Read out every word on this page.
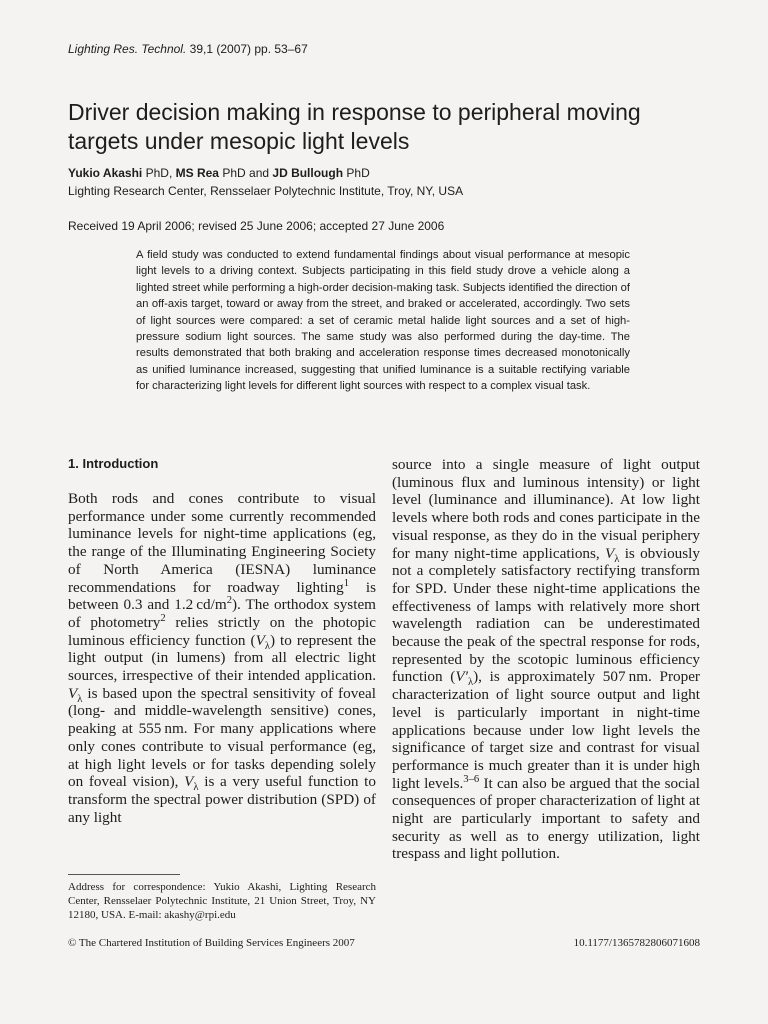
Lighting Res. Technol. 39,1 (2007) pp. 53–67
Driver decision making in response to peripheral moving targets under mesopic light levels
Yukio Akashi PhD, MS Rea PhD and JD Bullough PhD
Lighting Research Center, Rensselaer Polytechnic Institute, Troy, NY, USA
Received 19 April 2006; revised 25 June 2006; accepted 27 June 2006

A field study was conducted to extend fundamental findings about visual performance at mesopic light levels to a driving context. Subjects participating in this field study drove a vehicle along a lighted street while performing a high-order decision-making task. Subjects identified the direction of an off-axis target, toward or away from the street, and braked or accelerated, accordingly. Two sets of light sources were compared: a set of ceramic metal halide light sources and a set of high-pressure sodium light sources. The same study was also performed during the day-time. The results demonstrated that both braking and acceleration response times decreased monotonically as unified luminance increased, suggesting that unified luminance is a suitable rectifying variable for characterizing light levels for different light sources with respect to a complex visual task.

1. Introduction

Both rods and cones contribute to visual performance under some currently recommended luminance levels for night-time applications (eg, the range of the Illuminating Engineering Society of North America (IESNA) luminance recommendations for roadway lighting$^1$ is between 0.3 and 1.2 $cd/m^2$). The orthodox system of photometry$^2$ relies strictly on the photopic luminous efficiency function $(V_\lambda)$ to represent the light output (in lumens) from all electric light sources, irrespective of their intended application. $V_\lambda$ is based upon the spectral sensitivity of foveal (long- and middle-wavelength sensitive) cones, peaking at 555 nm. For many applications where only cones contribute to visual performance (eg, at high light levels or for tasks depending solely on foveal vision), $V_\lambda$ is a very useful function to transform the spectral power distribution (SPD) of any light

source into a single measure of light output (luminous flux and luminous intensity) or light level (luminance and illuminance). At low light levels where both rods and cones participate in the visual response, as they do in the visual periphery for many night-time applications, $V_\lambda$ is obviously not a completely satisfactory rectifying transform for SPD. Under these night-time applications the effectiveness of lamps with relatively more short wavelength radiation can be underestimated because the peak of the spectral response for rods, represented by the scotopic luminous efficiency function $(V'_\lambda)$, is approximately 507 nm. Proper characterization of light source output and light level is particularly important in night-time applications because under low light levels the significance of target size and contrast for visual performance is much greater than it is under high light levels.$^{3-6}$ It can also be argued that the social consequences of proper characterization of light at night are particularly important to safety and security as well as to energy utilization, light trespass and light pollution.

Address for correspondence: Yukio Akashi, Lighting Research Center, Rensselaer Polytechnic Institute, 21 Union Street, Troy, NY 12180, USA. E-mail: akashy@rpi.edu

© The Chartered Institution of Building Services Engineers 2007	10.1177/1365782806071608
